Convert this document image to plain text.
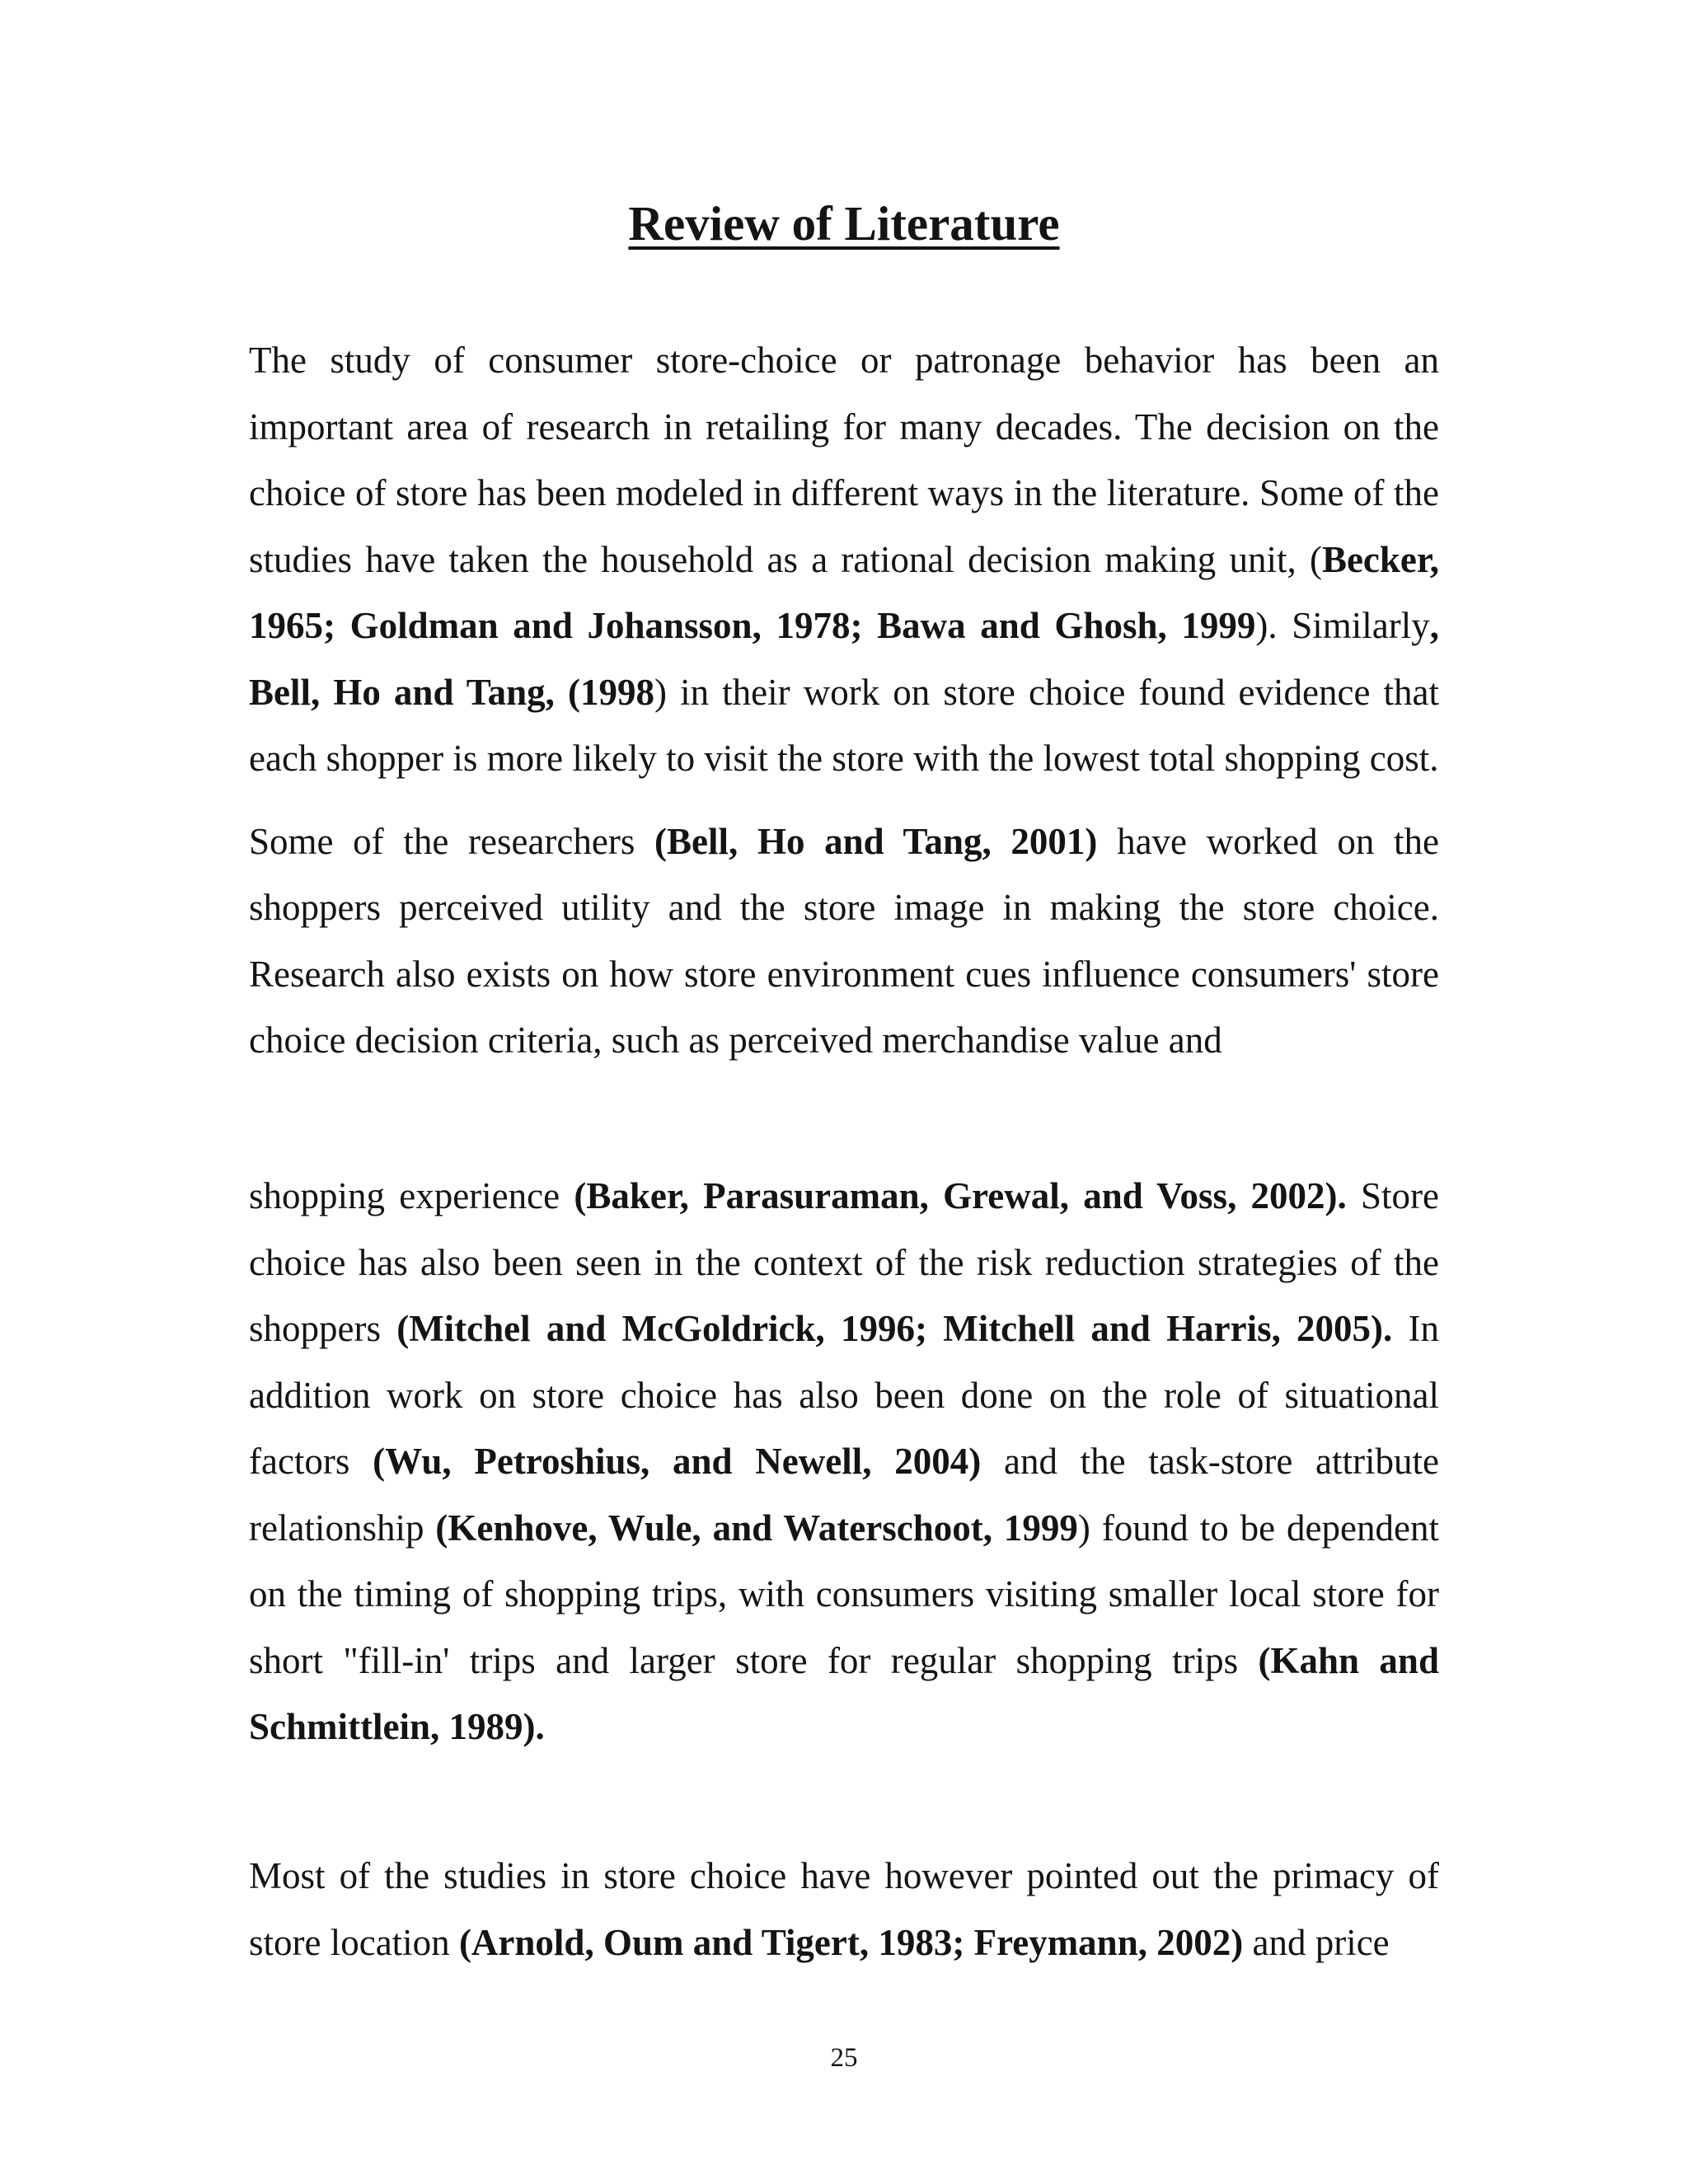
Review of Literature

The study of consumer store-choice or patronage behavior has been an important area of research in retailing for many decades. The decision on the choice of store has been modeled in different ways in the literature. Some of the studies have taken the household as a rational decision making unit, (Becker, 1965; Goldman and Johansson, 1978; Bawa and Ghosh, 1999). Similarly, Bell, Ho and Tang, (1998) in their work on store choice found evidence that each shopper is more likely to visit the store with the lowest total shopping cost.

Some of the researchers (Bell, Ho and Tang, 2001) have worked on the shoppers perceived utility and the store image in making the store choice. Research also exists on how store environment cues influence consumers' store choice decision criteria, such as perceived merchandise value and

shopping experience (Baker, Parasuraman, Grewal, and Voss, 2002). Store choice has also been seen in the context of the risk reduction strategies of the shoppers (Mitchel and McGoldrick, 1996; Mitchell and Harris, 2005). In addition work on store choice has also been done on the role of situational factors (Wu, Petroshius, and Newell, 2004) and the task-store attribute relationship (Kenhove, Wule, and Waterschoot, 1999) found to be dependent on the timing of shopping trips, with consumers visiting smaller local store for short "fill-in' trips and larger store for regular shopping trips (Kahn and Schmittlein, 1989).

Most of the studies in store choice have however pointed out the primacy of store location (Arnold, Oum and Tigert, 1983; Freymann, 2002) and price

25
